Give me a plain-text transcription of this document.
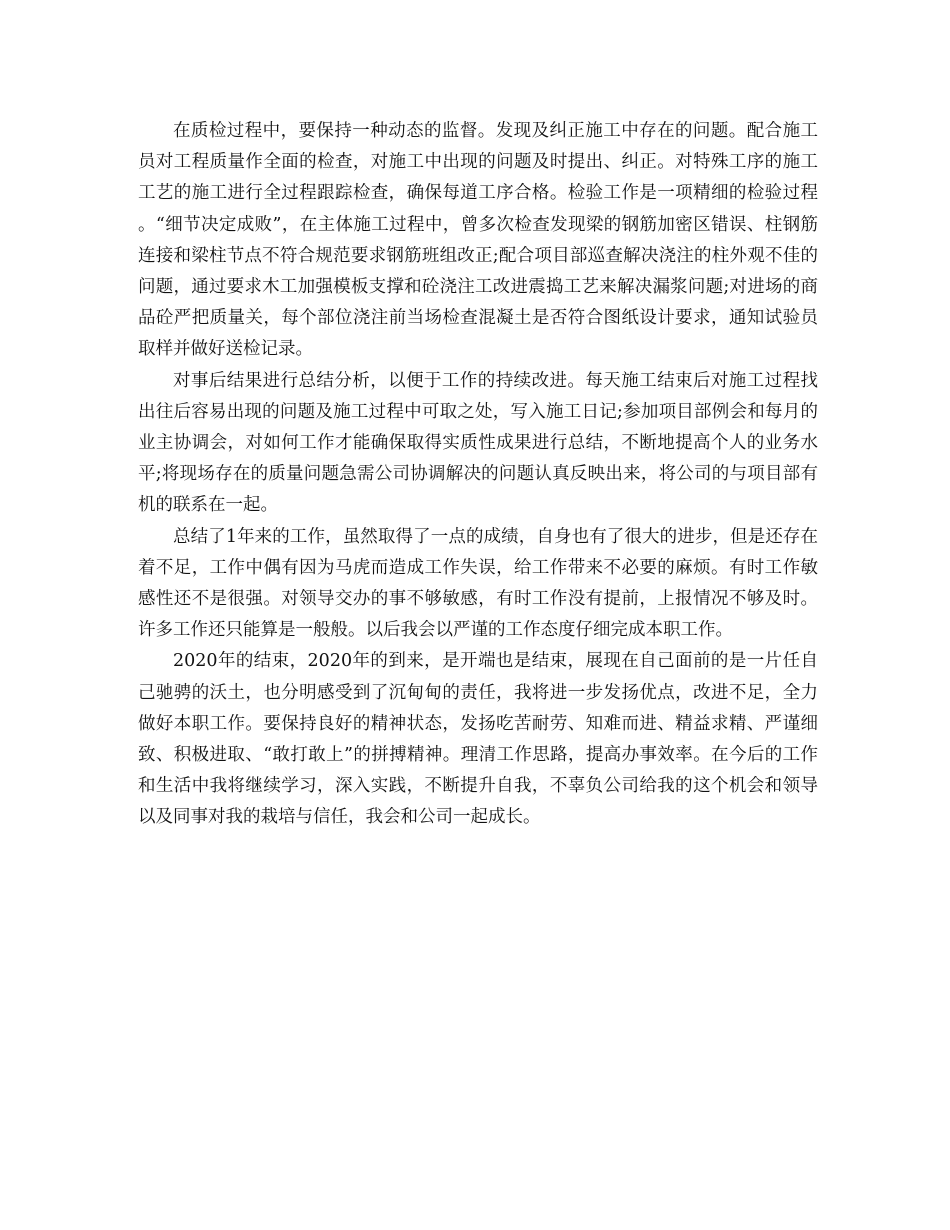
在质检过程中，要保持一种动态的监督。发现及纠正施工中存在的问题。配合施工员对工程质量作全面的检查，对施工中出现的问题及时提出、纠正。对特殊工序的施工工艺的施工进行全过程跟踪检查，确保每道工序合格。检验工作是一项精细的检验过程。“细节决定成败”，在主体施工过程中，曾多次检查发现梁的钢筋加密区错误、柱钢筋连接和梁柱节点不符合规范要求钢筋班组改正;配合项目部巡查解决浇注的柱外观不佳的问题，通过要求木工加强模板支撑和砼浇注工改进震捣工艺来解决漏浆问题;对进场的商品砼严把质量关，每个部位浇注前当场检查混凝土是否符合图纸设计要求，通知试验员取样并做好送检记录。

对事后结果进行总结分析，以便于工作的持续改进。每天施工结束后对施工过程找出往后容易出现的问题及施工过程中可取之处，写入施工日记;参加项目部例会和每月的业主协调会，对如何工作才能确保取得实质性成果进行总结，不断地提高个人的业务水平;将现场存在的质量问题急需公司协调解决的问题认真反映出来，将公司的与项目部有机的联系在一起。

总结了1年来的工作，虽然取得了一点的成绩，自身也有了很大的进步，但是还存在着不足，工作中偶有因为马虎而造成工作失误，给工作带来不必要的麻烦。有时工作敏感性还不是很强。对领导交办的事不够敏感，有时工作没有提前，上报情况不够及时。许多工作还只能算是一般般。以后我会以严谨的工作态度仔细完成本职工作。

2020年的结束，2020年的到来，是开端也是结束，展现在自己面前的是一片任自己驰骋的沃土，也分明感受到了沉甸甸的责任，我将进一步发扬优点，改进不足，全力做好本职工作。要保持良好的精神状态，发扬吃苦耐劳、知难而进、精益求精、严谨细致、积极进取、“敢打敢上”的拼搏精神。理清工作思路，提高办事效率。在今后的工作和生活中我将继续学习，深入实践，不断提升自我，不辜负公司给我的这个机会和领导以及同事对我的栽培与信任，我会和公司一起成长。
